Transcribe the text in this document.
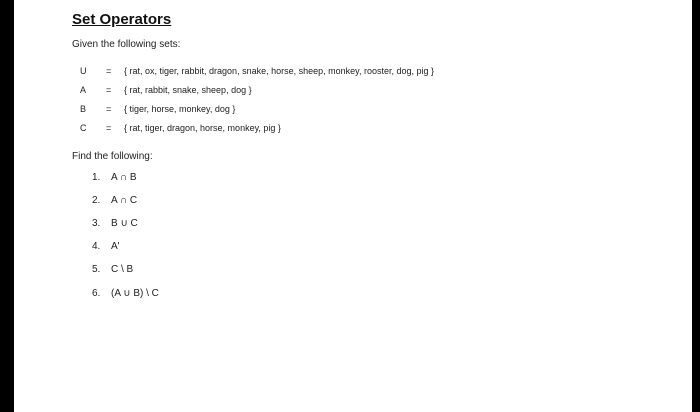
Set Operators
Given the following sets:
U	= { rat, ox, tiger, rabbit, dragon, snake, horse, sheep, monkey, rooster, dog, pig }
A	= { rat, rabbit, snake, sheep, dog }
B	= { tiger, horse, monkey, dog }
C	= { rat, tiger, dragon, horse, monkey, pig }
Find the following:
1. A ∩ B
2. A ∩ C
3. B ∪ C
4. A'
5. C \ B
6. (A ∪ B) \ C
